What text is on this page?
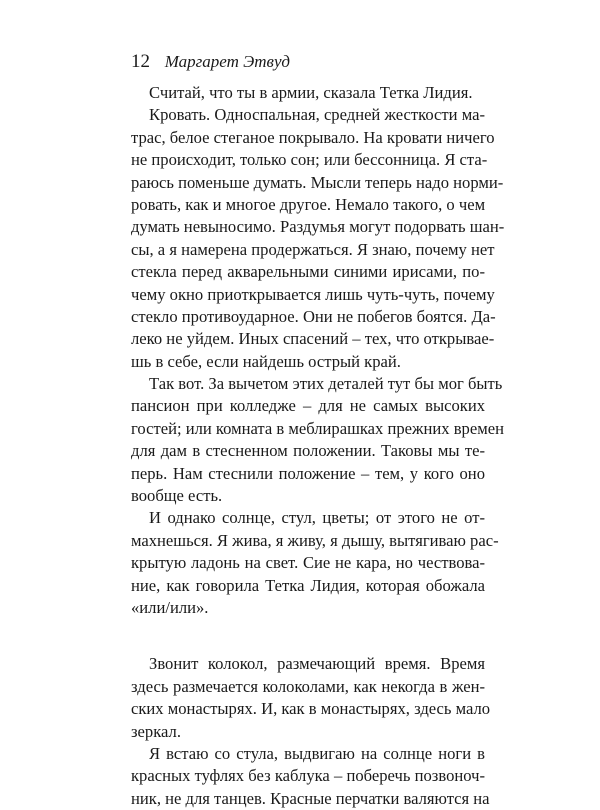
12 Маргарет Этвуд
Считай, что ты в армии, сказала Тетка Лидия.
Кровать. Односпальная, средней жесткости ма-
трас, белое стеганое покрывало. На кровати ничего
не происходит, только сон; или бессонница. Я ста-
раюсь поменьше думать. Мысли теперь надо норми-
ровать, как и многое другое. Немало такого, о чем
думать невыносимо. Раздумья могут подорвать шан-
сы, а я намерена продержаться. Я знаю, почему нет
стекла перед акварельными синими ирисами, по-
чему окно приоткрывается лишь чуть-чуть, почему
стекло противоударное. Они не побегов боятся. Да-
леко не уйдем. Иных спасений – тех, что открывае-
шь в себе, если найдешь острый край.
Так вот. За вычетом этих деталей тут бы мог быть
пансион при колледже – для не самых высоких
гостей; или комната в меблирашках прежних времен
для дам в стесненном положении. Таковы мы те-
перь. Нам стеснили положение – тем, у кого оно
вообще есть.
И однако солнце, стул, цветы; от этого не от-
махнешься. Я жива, я живу, я дышу, вытягиваю рас-
крытую ладонь на свет. Сие не кара, но чествова-
ние, как говорила Тетка Лидия, которая обожала
«или/или».
Звонит колокол, размечающий время. Время
здесь размечается колоколами, как некогда в жен-
ских монастырях. И, как в монастырях, здесь мало
зеркал.
Я встаю со стула, выдвигаю на солнце ноги в
красных туфлях без каблука – поберечь позвоноч-
ник, не для танцев. Красные перчатки валяются на
